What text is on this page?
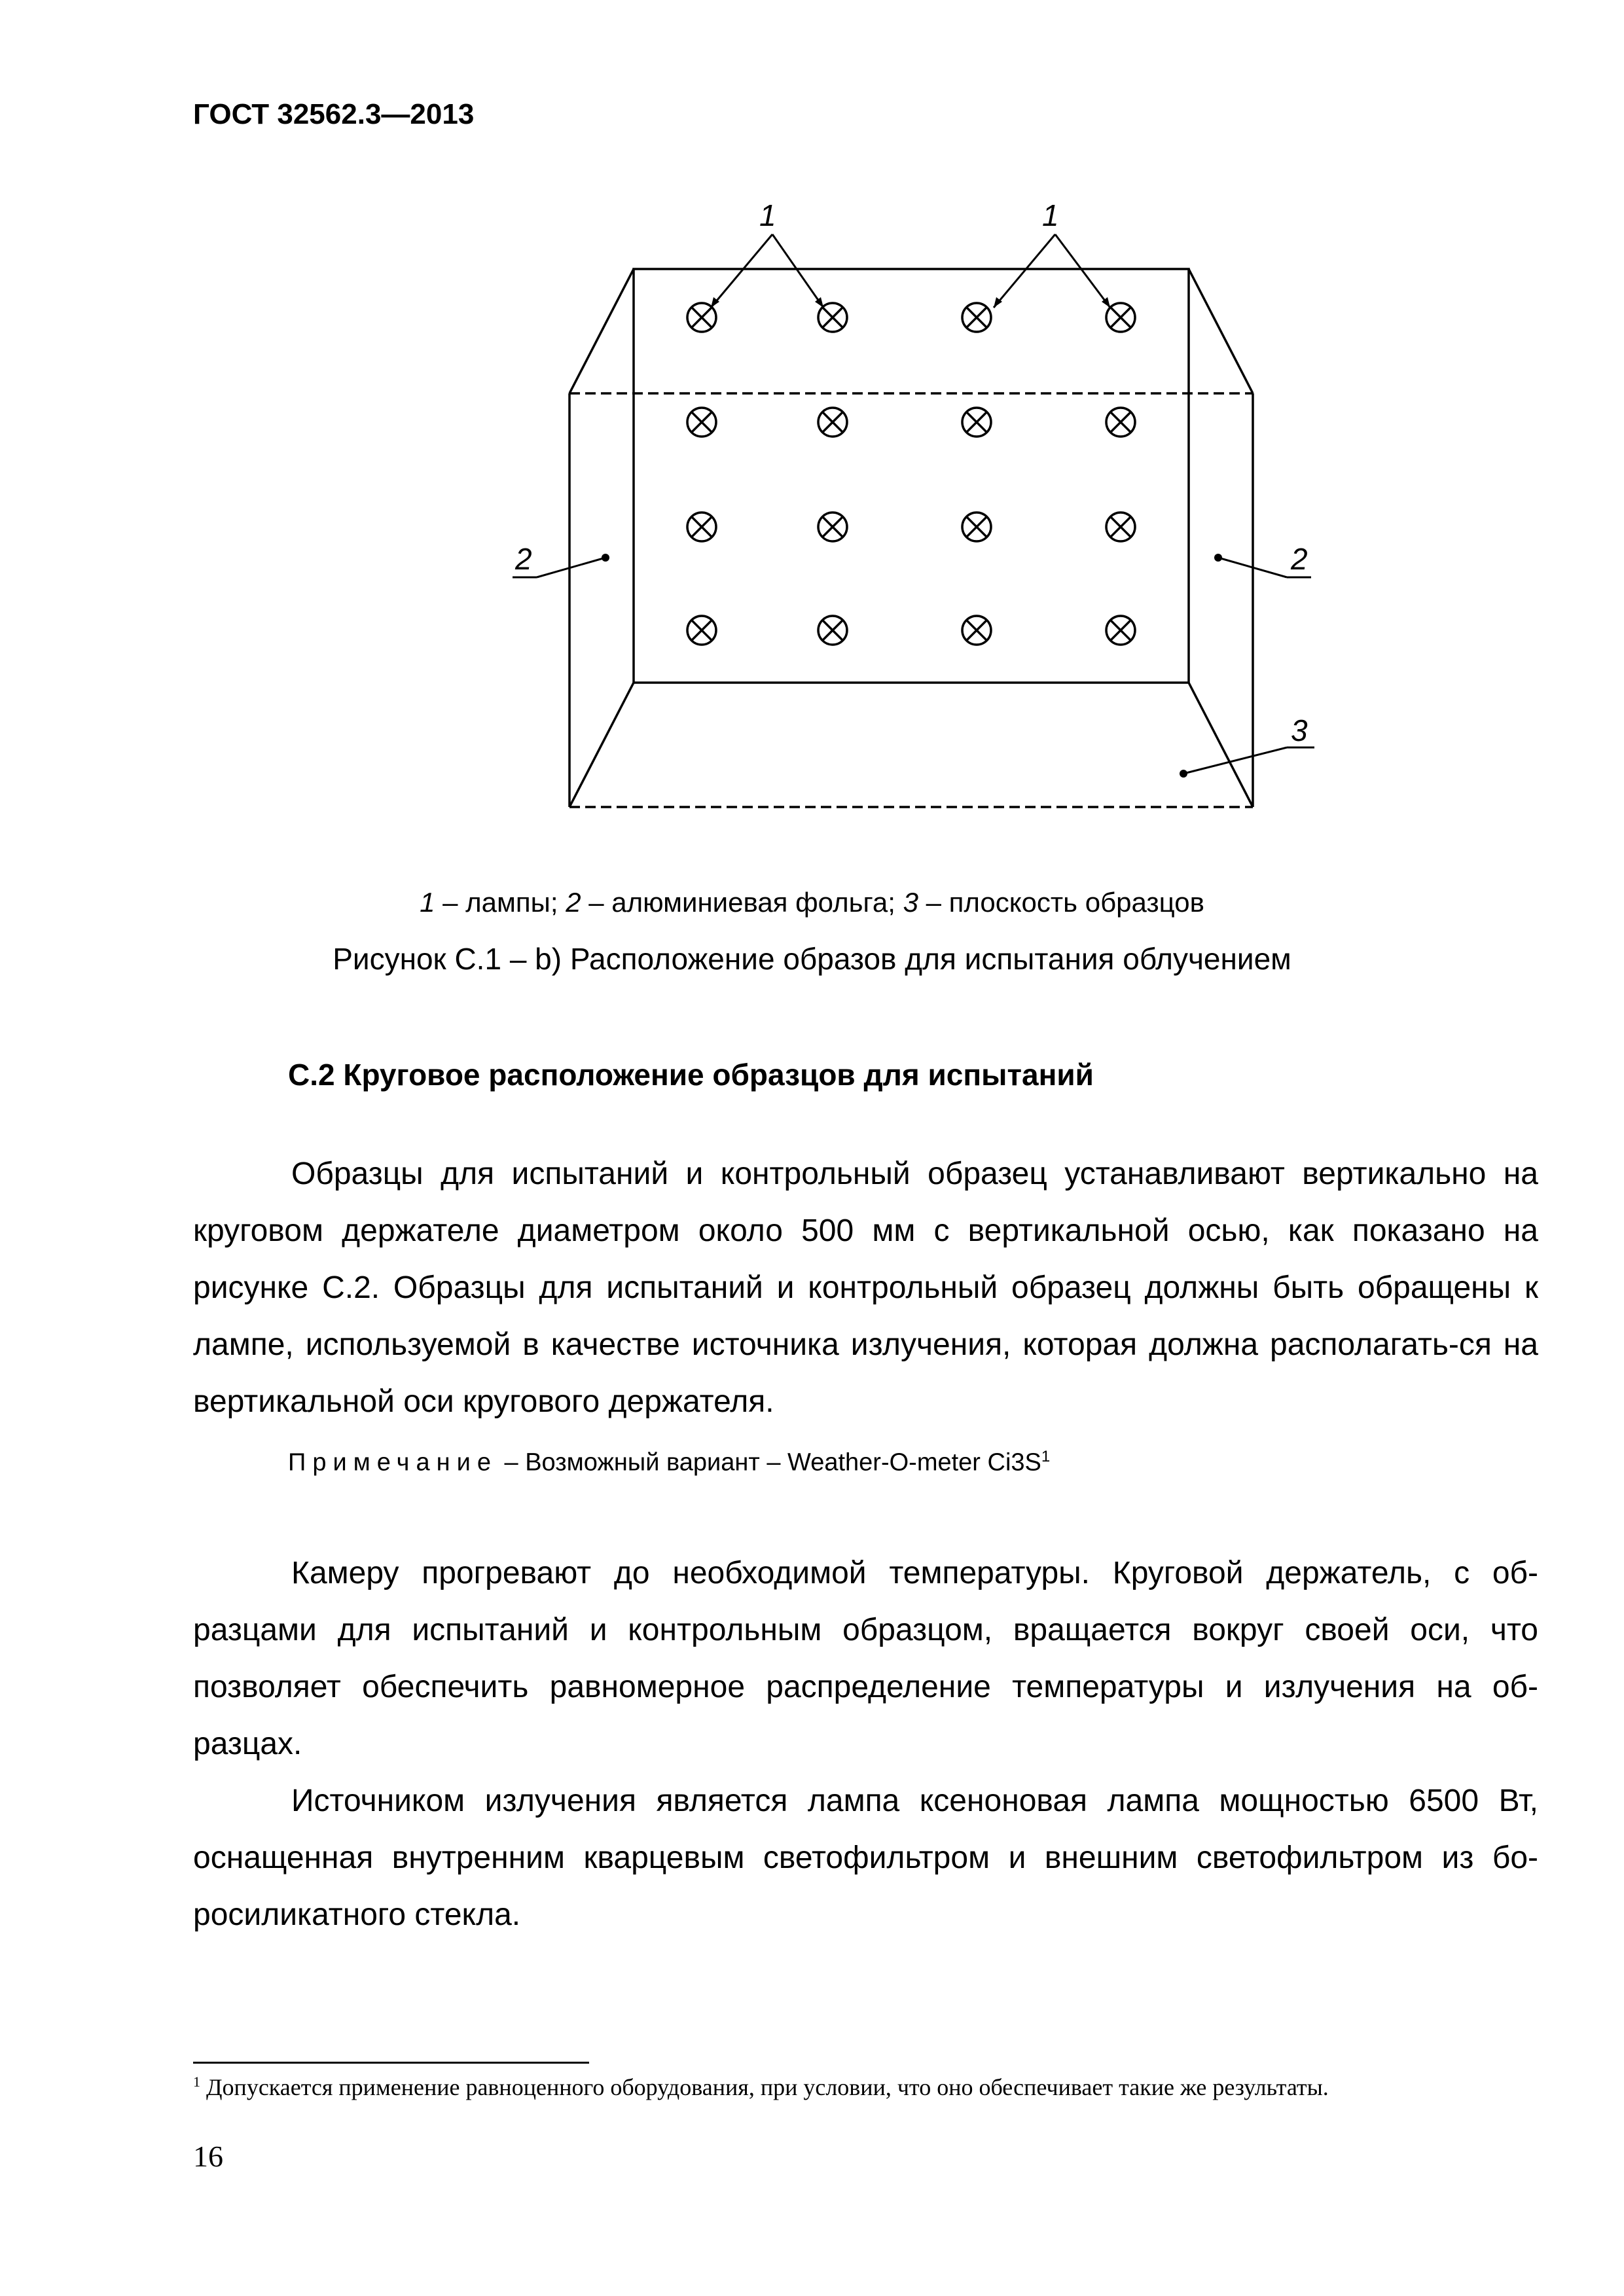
ГОСТ 32562.3—2013
1	1
2	2
3
1 – лампы; 2 – алюминиевая фольга; 3 – плоскость образцов
Рисунок С.1 – b) Расположение образов для испытания облучением
С.2 Круговое расположение образцов для испытаний

Образцы для испытаний и контрольный образец устанавливают вертикально на круговом держателе диаметром около 500 мм с вертикальной осью, как показано на рисунке С.2. Образцы для испытаний и контрольный образец должны быть обращены к лампе, используемой в качестве источника излучения, которая должна располагать-ся на вертикальной оси кругового держателя.

Примечание – Возможный вариант – Weather-O-meter $Ci3S^1$

Камеру прогревают до необходимой температуры. Круговой держатель, с об-разцами для испытаний и контрольным образцом, вращается вокруг своей оси, что позволяет обеспечить равномерное распределение температуры и излучения на об-разцах.

Источником излучения является лампа ксеноновая лампа мощностью 6500 Вт, оснащенная внутренним кварцевым светофильтром и внешним светофильтром из бо-росиликатного стекла.

$^1$ Допускается применение равноценного оборудования, при условии, что оно обеспечивает такие же результаты.
16
